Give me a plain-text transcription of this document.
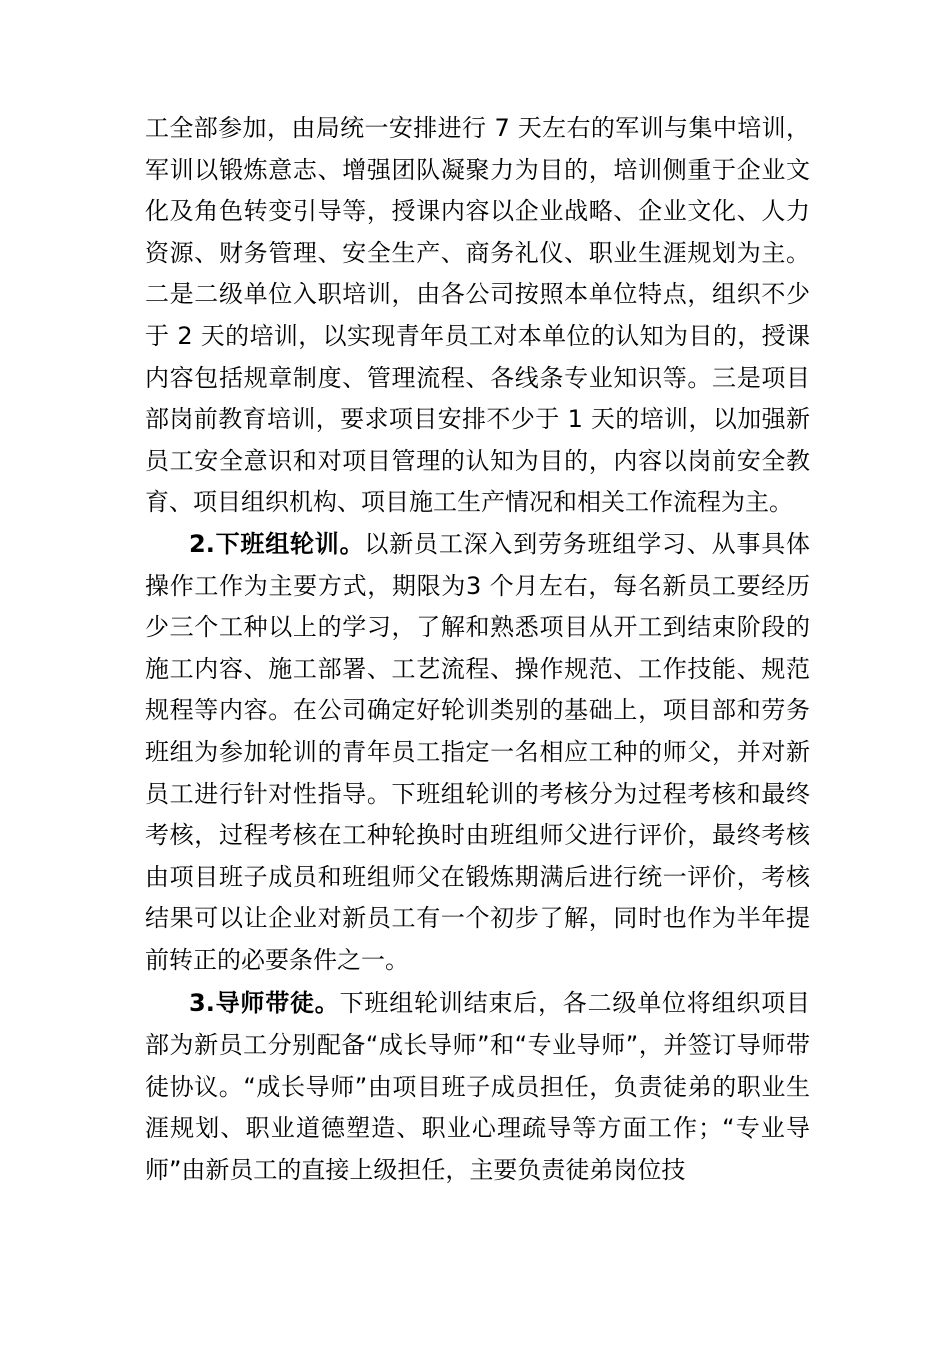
工全部参加，由局统一安排进行 7 天左右的军训与集中培训，军训以锻炼意志、增强团队凝聚力为目的，培训侧重于企业文化及角色转变引导等，授课内容以企业战略、企业文化、人力资源、财务管理、安全生产、商务礼仪、职业生涯规划为主。二是二级单位入职培训，由各公司按照本单位特点，组织不少于 2 天的培训，以实现青年员工对本单位的认知为目的，授课内容包括规章制度、管理流程、各线条专业知识等。三是项目部岗前教育培训，要求项目安排不少于 1 天的培训，以加强新员工安全意识和对项目管理的认知为目的，内容以岗前安全教育、项目组织机构、项目施工生产情况和相关工作流程为主。

2.下班组轮训。以新员工深入到劳务班组学习、从事具体操作工作为主要方式，期限为3 个月左右，每名新员工要经历少三个工种以上的学习，了解和熟悉项目从开工到结束阶段的施工内容、施工部署、工艺流程、操作规范、工作技能、规范规程等内容。在公司确定好轮训类别的基础上，项目部和劳务班组为参加轮训的青年员工指定一名相应工种的师父，并对新员工进行针对性指导。下班组轮训的考核分为过程考核和最终考核，过程考核在工种轮换时由班组师父进行评价，最终考核由项目班子成员和班组师父在锻炼期满后进行统一评价，考核结果可以让企业对新员工有一个初步了解，同时也作为半年提前转正的必要条件之一。

3.导师带徒。下班组轮训结束后，各二级单位将组织项目部为新员工分别配备“成长导师”和“专业导师”，并签订导师带徒协议。“成长导师”由项目班子成员担任，负责徒弟的职业生涯规划、职业道德塑造、职业心理疏导等方面工作；“专业导师”由新员工的直接上级担任，主要负责徒弟岗位技
